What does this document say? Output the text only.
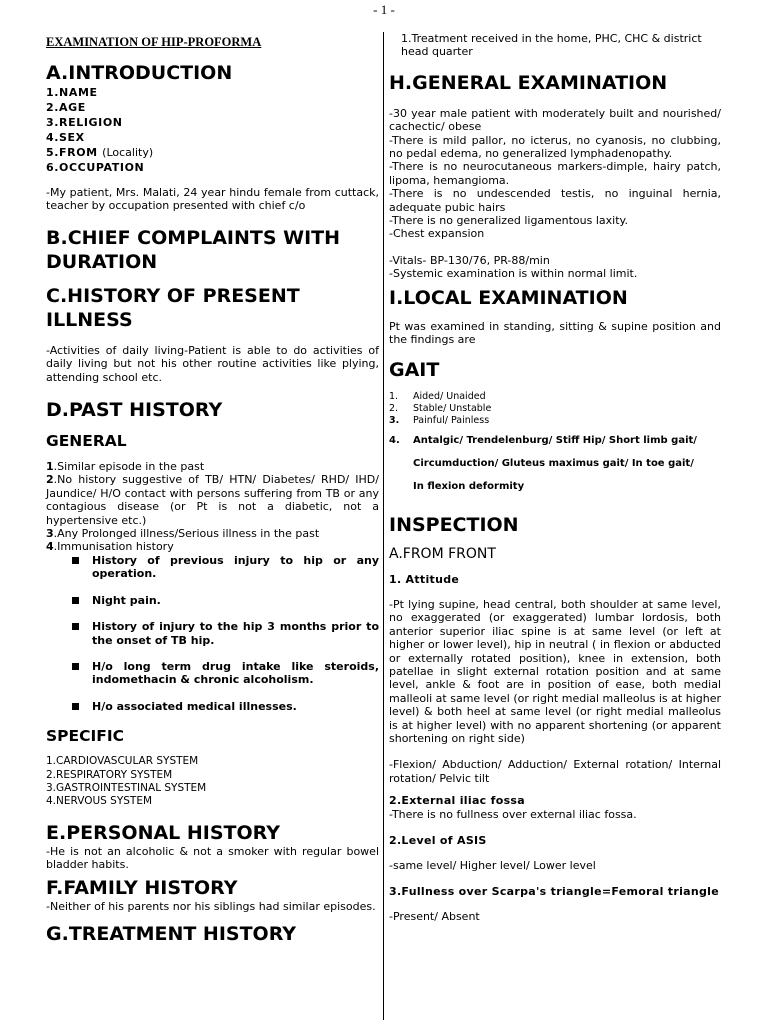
- 1 -
EXAMINATION OF HIP-PROFORMA
A.INTRODUCTION
1.NAME
2.AGE
3.RELIGION
4.SEX
5.FROM (Locality)
6.OCCUPATION

-My patient, Mrs. Malati, 24 year hindu female from cuttack, teacher by occupation presented with chief c/o

B.CHIEF COMPLAINTS WITH DURATION
C.HISTORY OF PRESENT ILLNESS

-Activities of daily living-Patient is able to do activities of daily living but not his other routine activities like plying, attending school etc.

D.PAST HISTORY
GENERAL

1.Similar episode in the past

2.No history suggestive of TB/ HTN/ Diabetes/ RHD/ IHD/ Jaundice/ H/O contact with persons suffering from TB or any contagious disease (or Pt is not a diabetic, not a hypertensive etc.)

3.Any Prolonged illness/Serious illness in the past

4.Immunisation history

History of previous injury to hip or any operation.
Night pain.
History of injury to the hip 3 months prior to the onset of TB hip.
H/o long term drug intake like steroids, indomethacin & chronic alcoholism.
H/o associated medical illnesses.
SPECIFIC
1.CARDIOVASCULAR SYSTEM
2.RESPIRATORY SYSTEM
3.GASTROINTESTINAL SYSTEM
4.NERVOUS SYSTEM
E.PERSONAL HISTORY

-He is not an alcoholic & not a smoker with regular bowel bladder habits.

F.FAMILY HISTORY

-Neither of his parents nor his siblings had similar episodes.

G.TREATMENT HISTORY

1.Treatment received in the home, PHC, CHC & district head quarter

H.GENERAL EXAMINATION

-30 year male patient with moderately built and nourished/ cachectic/ obese

-There is mild pallor, no icterus, no cyanosis, no clubbing, no pedal edema, no generalized lymphadenopathy.

-There is no neurocutaneous markers-dimple, hairy patch, lipoma, hemangioma.

-There is no undescended testis, no inguinal hernia, adequate pubic hairs

-There is no generalized ligamentous laxity.

-Chest expansion

-Vitals- BP-130/76, PR-88/min

-Systemic examination is within normal limit.

I.LOCAL EXAMINATION

Pt was examined in standing, sitting & supine position and the findings are

GAIT
1. Aided/ Unaided
2. Stable/ Unstable
3. Painful/ Painless
4. Antalgic/ Trendelenburg/ Stiff Hip/ Short limb gait/
Circumduction/ Gluteus maximus gait/ In toe gait/
In flexion deformity
INSPECTION
A.FROM FRONT
1. Attitude

-Pt lying supine, head central, both shoulder at same level, no exaggerated (or exaggerated) lumbar lordosis, both anterior superior iliac spine is at same level (or left at higher or lower level), hip in neutral ( in flexion or abducted or externally rotated position), knee in extension, both patellae in slight external rotation position and at same level, ankle & foot are in position of ease, both medial malleoli at same level (or right medial malleolus is at higher level) & both heel at same level (or right medial malleolus is at higher level) with no apparent shortening (or apparent shortening on right side)

-Flexion/ Abduction/ Adduction/ External rotation/ Internal rotation/ Pelvic tilt

2.External iliac fossa

-There is no fullness over external iliac fossa.

2.Level of ASIS

-same level/ Higher level/ Lower level

3.Fullness over Scarpa's triangle=Femoral triangle

-Present/ Absent
